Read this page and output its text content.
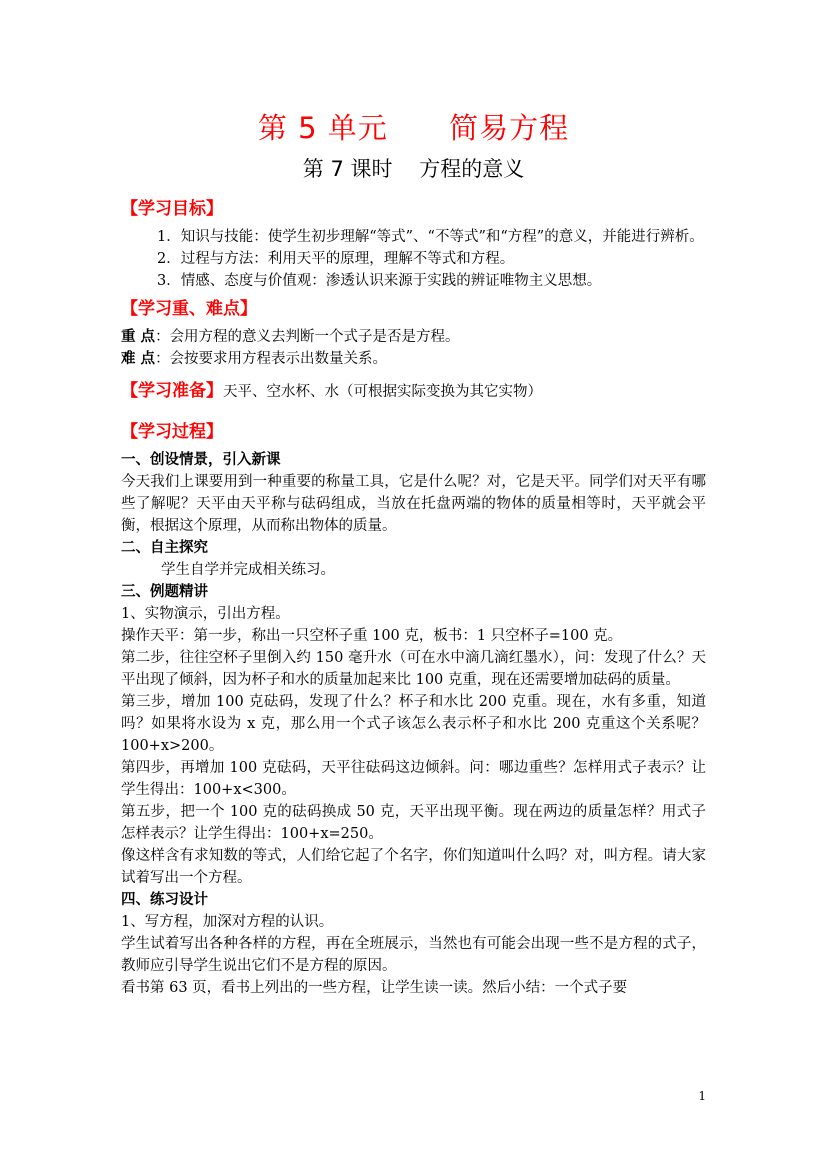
第 5 单元      简易方程
第 7 课时    方程的意义
【学习目标】

1．知识与技能：使学生初步理解“等式”、“不等式”和“方程”的意义，并能进行辨析。

2．过程与方法：利用天平的原理，理解不等式和方程。

3．情感、态度与价值观：渗透认识来源于实践的辨证唯物主义思想。

【学习重、难点】

重 点：会用方程的意义去判断一个式子是否是方程。

难 点：会按要求用方程表示出数量关系。

【学习准备】天平、空水杯、水（可根据实际变换为其它实物）
【学习过程】

一、创设情景，引入新课

今天我们上课要用到一种重要的称量工具，它是什么呢？对，它是天平。同学们对天平有哪些了解呢？天平由天平称与砝码组成，当放在托盘两端的物体的质量相等时，天平就会平衡，根据这个原理，从而称出物体的质量。

二、自主探究

学生自学并完成相关练习。

三、例题精讲

1、实物演示，引出方程。

操作天平：第一步，称出一只空杯子重 100 克，板书：1 只空杯子=100 克。

第二步，往往空杯子里倒入约 150 毫升水（可在水中滴几滴红墨水），问：发现了什么？天平出现了倾斜，因为杯子和水的质量加起来比 100 克重，现在还需要增加砝码的质量。

第三步，增加 100 克砝码，发现了什么？杯子和水比 200 克重。现在，水有多重，知道吗？如果将水设为 x 克，那么用一个式子该怎么表示杯子和水比 200 克重这个关系呢？100+x>200。

第四步，再增加 100 克砝码，天平往砝码这边倾斜。问：哪边重些？怎样用式子表示？让学生得出：100+x<300。

第五步，把一个 100 克的砝码换成 50 克，天平出现平衡。现在两边的质量怎样？用式子怎样表示？让学生得出：100+x=250。

像这样含有求知数的等式，人们给它起了个名字，你们知道叫什么吗？对，叫方程。请大家试着写出一个方程。

四、练习设计

1、写方程，加深对方程的认识。

学生试着写出各种各样的方程，再在全班展示，当然也有可能会出现一些不是方程的式子，教师应引导学生说出它们不是方程的原因。

看书第 63 页，看书上列出的一些方程，让学生读一读。然后小结：一个式子要

1
